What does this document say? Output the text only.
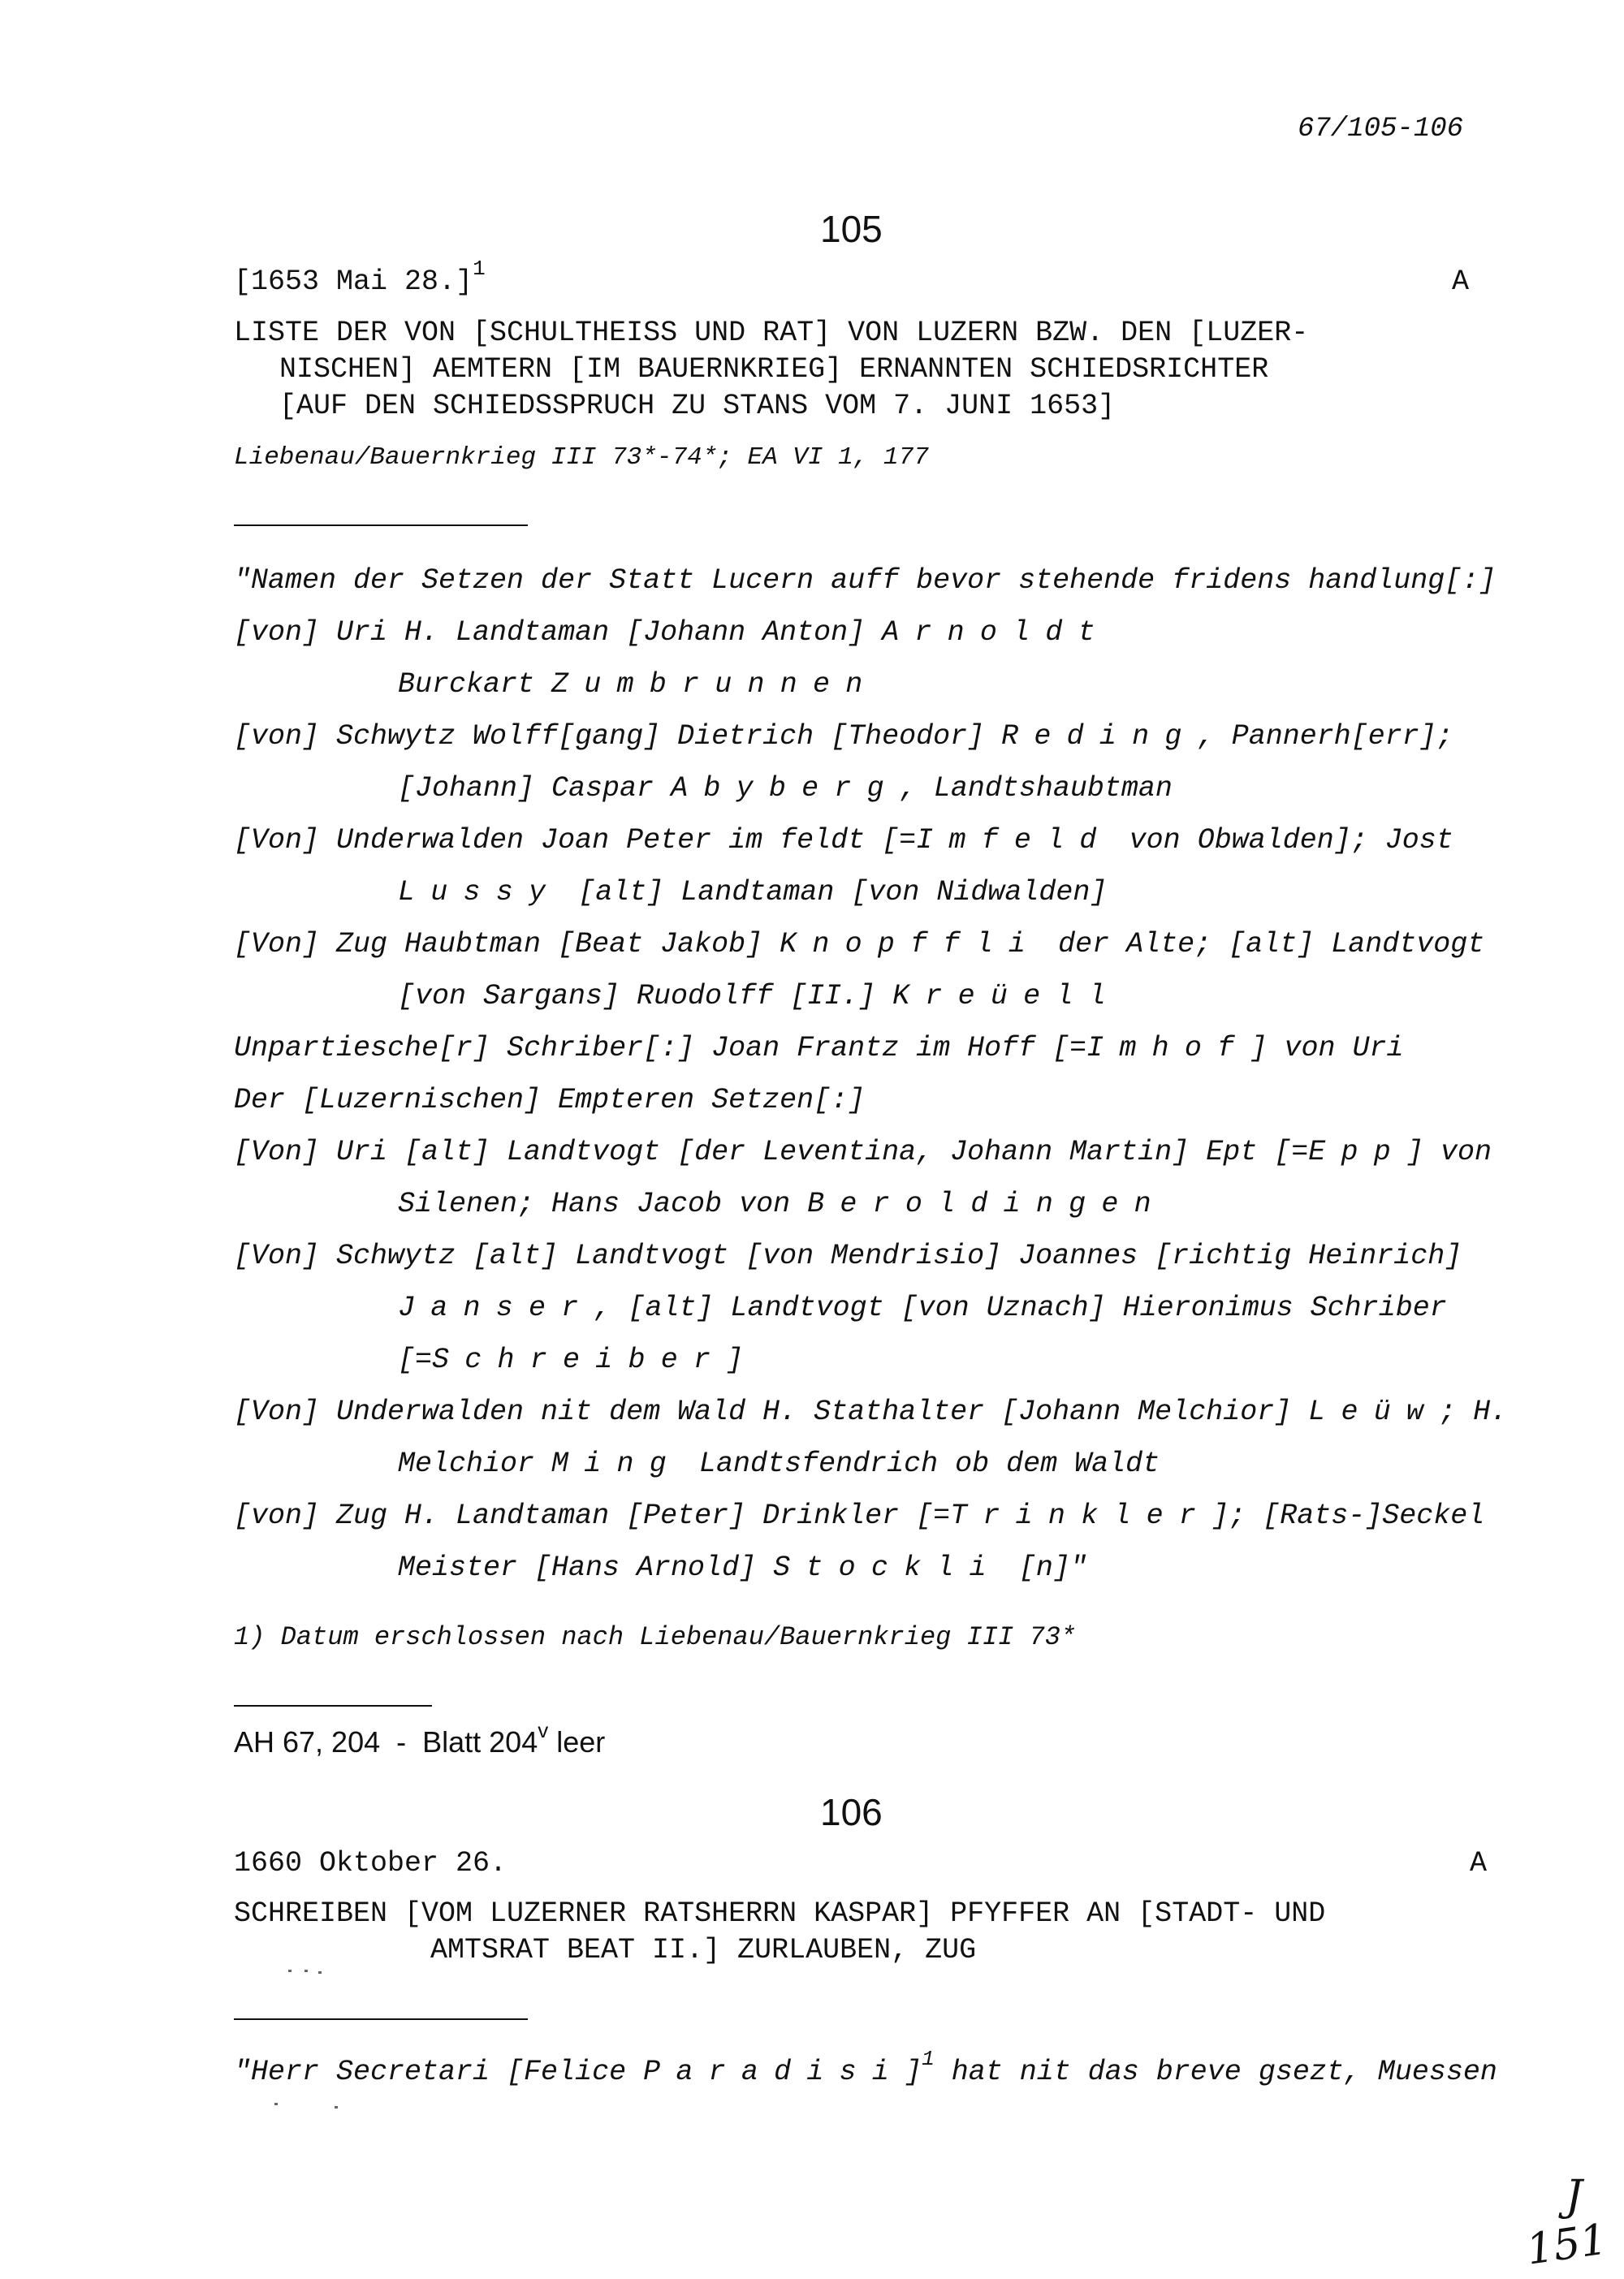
67/105-106
105
[1653 Mai 28.]$^1$	A
LISTE DER VON [SCHULTHEISS UND RAT] VON LUZERN BZW. DEN [LUZER-
NISCHEN] AEMTERN [IM BAUERNKRIEG] ERNANNTEN SCHIEDSRICHTER
[AUF DEN SCHIEDSSPRUCH ZU STANS VOM 7. JUNI 1653]
Liebenau/Bauernkrieg III 73*-74*; EA VI 1, 177
"Namen der Setzen der Statt Lucern auff bevor stehende fridens handlung[:]
[von] Uri H. Landtaman [Johann Anton] Arnoldt
Burckart Zumbrunnen
[von] Schwytz Wolff[gang] Dietrich [Theodor] Reding, Pannerh[err];
[Johann] Caspar Abyberg, Landtshaubtman
[Von] Underwalden Joan Peter im feldt [=Imfeld von Obwalden]; Jost
Lussy [alt] Landtaman [von Nidwalden]
[Von] Zug Haubtman [Beat Jakob] Knopffli der Alte; [alt] Landtvogt
[von Sargans] Ruodolff [II.] Kreüell
Unpartiesche[r] Schriber[:] Joan Frantz im Hoff [=Imhof] von Uri
Der [Luzernischen] Empteren Setzen[:]
[Von] Uri [alt] Landtvogt [der Leventina, Johann Martin] Ept [=Epp] von
Silenen; Hans Jacob von Beroldingen
[Von] Schwytz [alt] Landtvogt [von Mendrisio] Joannes [richtig Heinrich]
Janser, [alt] Landtvogt [von Uznach] Hieronimus Schriber
[=Schreiber]
[Von] Underwalden nit dem Wald H. Stathalter [Johann Melchior] Leüw; H.
Melchior Ming Landtsfendrich ob dem Waldt
[von] Zug H. Landtaman [Peter] Drinkler [=Trinkler]; [Rats-]Seckel
Meister [Hans Arnold] Stockli [n]"
1) Datum erschlossen nach Liebenau/Bauernkrieg III 73*
AH 67, 204  -  Blatt 204$^v$ leer
106
1660 Oktober 26.	A
SCHREIBEN [VOM LUZERNER RATSHERRN KASPAR] PFYFFER AN [STADT- UND
AMTSRAT BEAT II.] ZURLAUBEN, ZUG
"Herr Secretari [Felice Paradisi]$^1$ hat nit das breve gsezt, Muessen
J
151
